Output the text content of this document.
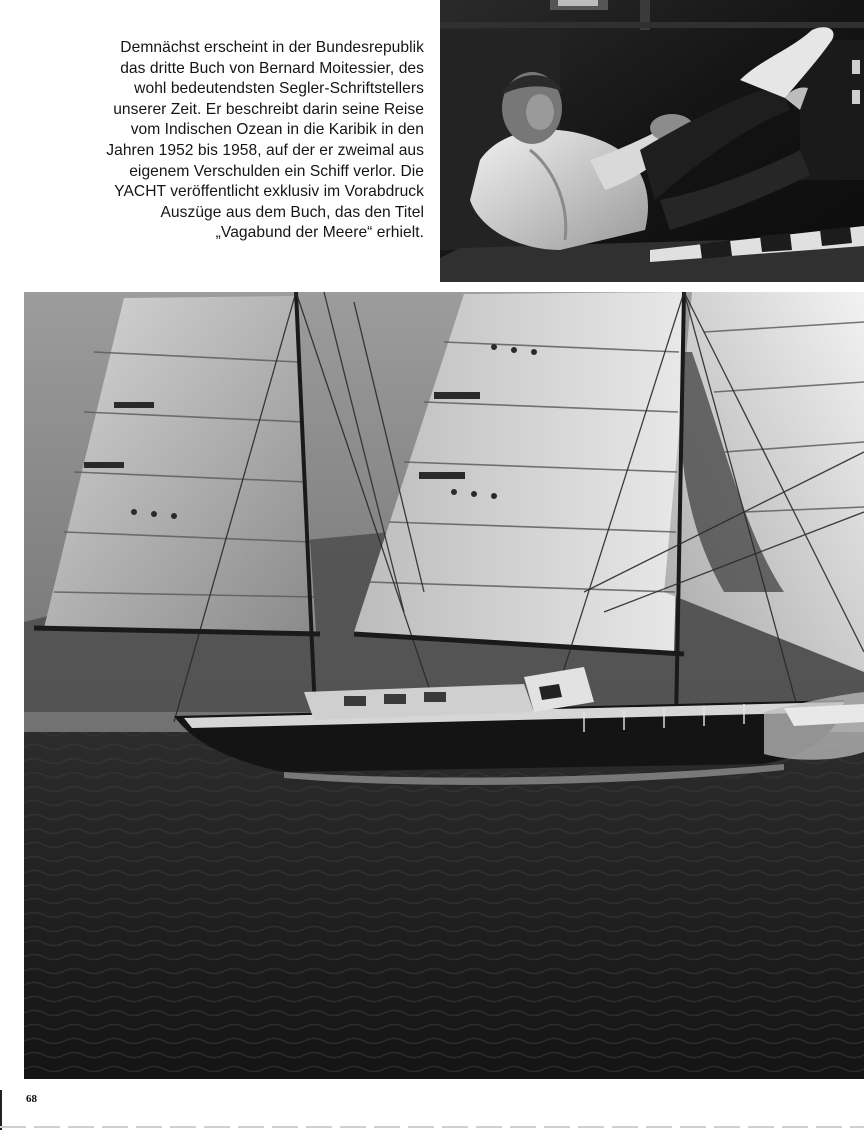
Demnächst erscheint in der Bundesrepublik
das dritte Buch von Bernard Moitessier, des
wohl bedeutendsten Segler-Schriftstellers
unserer Zeit. Er beschreibt darin seine Reise
vom Indischen Ozean in die Karibik in den
Jahren 1952 bis 1958, auf der er zweimal aus
eigenem Verschulden ein Schiff verlor. Die
YACHT veröffentlicht exklusiv im Vorabdruck
Auszüge aus dem Buch, das den Titel
„Vagabund der Meere“ erhielt.
68
